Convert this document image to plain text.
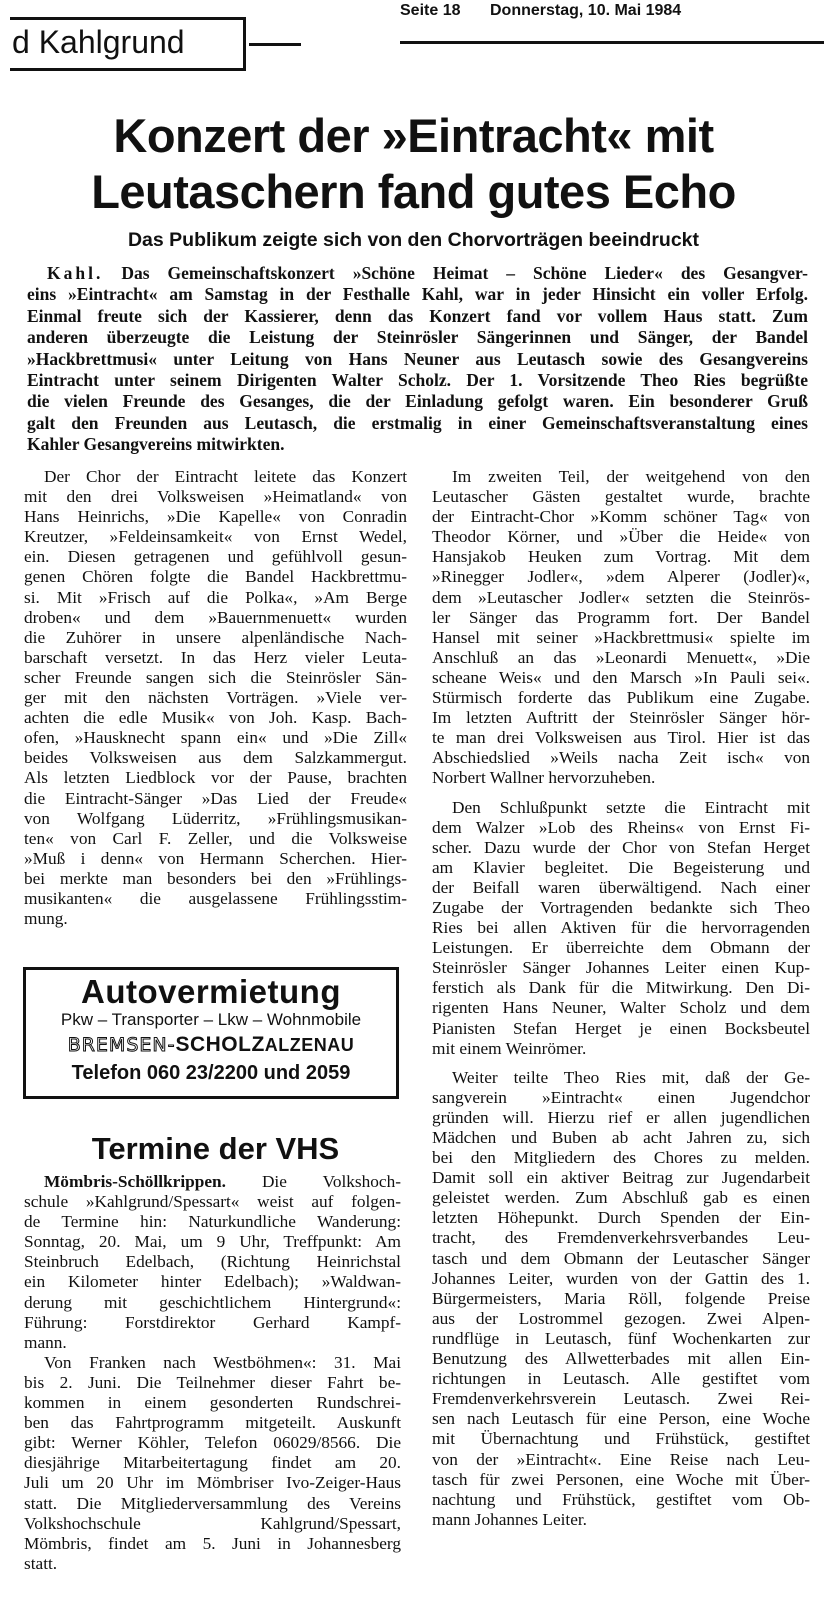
d Kahlgrund
Seite 18 Donnerstag, 10. Mai 1984
Konzert der »Eintracht« mit
Leutaschern fand gutes Echo
Das Publikum zeigte sich von den Chorvorträgen beeindruckt
Kahl. Das Gemeinschaftskonzert »Schöne Heimat – Schöne Lieder« des Gesangver-
eins »Eintracht« am Samstag in der Festhalle Kahl, war in jeder Hinsicht ein voller Erfolg.
Einmal freute sich der Kassierer, denn das Konzert fand vor vollem Haus statt. Zum
anderen überzeugte die Leistung der Steinrösler Sängerinnen und Sänger, der Bandel
»Hackbrettmusi« unter Leitung von Hans Neuner aus Leutasch sowie des Gesangvereins
Eintracht unter seinem Dirigenten Walter Scholz. Der 1. Vorsitzende Theo Ries begrüßte
die vielen Freunde des Gesanges, die der Einladung gefolgt waren. Ein besonderer Gruß
galt den Freunden aus Leutasch, die erstmalig in einer Gemeinschaftsveranstaltung eines
Kahler Gesangvereins mitwirkten.
Der Chor der Eintracht leitete das Konzert
mit den drei Volksweisen »Heimatland« von
Hans Heinrichs, »Die Kapelle« von Conradin
Kreutzer, »Feldeinsamkeit« von Ernst Wedel,
ein. Diesen getragenen und gefühlvoll gesun-
genen Chören folgte die Bandel Hackbrettmu-
si. Mit »Frisch auf die Polka«, »Am Berge
droben« und dem »Bauernmenuett« wurden
die Zuhörer in unsere alpenländische Nach-
barschaft versetzt. In das Herz vieler Leuta-
scher Freunde sangen sich die Steinrösler Sän-
ger mit den nächsten Vorträgen. »Viele ver-
achten die edle Musik« von Joh. Kasp. Bach-
ofen, »Hausknecht spann ein« und »Die Zill«
beides Volksweisen aus dem Salzkammergut.
Als letzten Liedblock vor der Pause, brachten
die Eintracht-Sänger »Das Lied der Freude«
von Wolfgang Lüderritz, »Frühlingsmusikan-
ten« von Carl F. Zeller, und die Volksweise
»Muß i denn« von Hermann Scherchen. Hier-
bei merkte man besonders bei den »Frühlings-
musikanten« die ausgelassene Frühlingsstim-
mung.
Autovermietung
Pkw – Transporter – Lkw – Wohnmobile
BREMSEN-SCHOLZALZENAU
Telefon 060 23/2200 und 2059
Termine der VHS
Mömbris-Schöllkrippen. Die Volkshoch-
schule »Kahlgrund/Spessart« weist auf folgen-
de Termine hin: Naturkundliche Wanderung:
Sonntag, 20. Mai, um 9 Uhr, Treffpunkt: Am
Steinbruch Edelbach, (Richtung Heinrichstal
ein Kilometer hinter Edelbach); »Waldwan-
derung mit geschichtlichem Hintergrund«:
Führung: Forstdirektor Gerhard Kampf-
mann.
Von Franken nach Westböhmen«: 31. Mai
bis 2. Juni. Die Teilnehmer dieser Fahrt be-
kommen in einem gesonderten Rundschrei-
ben das Fahrtprogramm mitgeteilt. Auskunft
gibt: Werner Köhler, Telefon 06029/8566. Die
diesjährige Mitarbeitertagung findet am 20.
Juli um 20 Uhr im Mömbriser Ivo-Zeiger-Haus
statt. Die Mitgliederversammlung des Vereins
Volkshochschule Kahlgrund/Spessart,
Mömbris, findet am 5. Juni in Johannesberg
statt.
Im zweiten Teil, der weitgehend von den
Leutascher Gästen gestaltet wurde, brachte
der Eintracht-Chor »Komm schöner Tag« von
Theodor Körner, und »Über die Heide« von
Hansjakob Heuken zum Vortrag. Mit dem
»Rinegger Jodler«, »dem Alperer (Jodler)«,
dem »Leutascher Jodler« setzten die Steinrös-
ler Sänger das Programm fort. Der Bandel
Hansel mit seiner »Hackbrettmusi« spielte im
Anschluß an das »Leonardi Menuett«, »Die
scheane Weis« und den Marsch »In Pauli sei«.
Stürmisch forderte das Publikum eine Zugabe.
Im letzten Auftritt der Steinrösler Sänger hör-
te man drei Volksweisen aus Tirol. Hier ist das
Abschiedslied »Weils nacha Zeit isch« von
Norbert Wallner hervorzuheben.
Den Schlußpunkt setzte die Eintracht mit
dem Walzer »Lob des Rheins« von Ernst Fi-
scher. Dazu wurde der Chor von Stefan Herget
am Klavier begleitet. Die Begeisterung und
der Beifall waren überwältigend. Nach einer
Zugabe der Vortragenden bedankte sich Theo
Ries bei allen Aktiven für die hervorragenden
Leistungen. Er überreichte dem Obmann der
Steinrösler Sänger Johannes Leiter einen Kup-
ferstich als Dank für die Mitwirkung. Den Di-
rigenten Hans Neuner, Walter Scholz und dem
Pianisten Stefan Herget je einen Bocksbeutel
mit einem Weinrömer.
Weiter teilte Theo Ries mit, daß der Ge-
sangverein »Eintracht« einen Jugendchor
gründen will. Hierzu rief er allen jugendlichen
Mädchen und Buben ab acht Jahren zu, sich
bei den Mitgliedern des Chores zu melden.
Damit soll ein aktiver Beitrag zur Jugendarbeit
geleistet werden. Zum Abschluß gab es einen
letzten Höhepunkt. Durch Spenden der Ein-
tracht, des Fremdenverkehrsverbandes Leu-
tasch und dem Obmann der Leutascher Sänger
Johannes Leiter, wurden von der Gattin des 1.
Bürgermeisters, Maria Röll, folgende Preise
aus der Lostrommel gezogen. Zwei Alpen-
rundflüge in Leutasch, fünf Wochenkarten zur
Benutzung des Allwetterbades mit allen Ein-
richtungen in Leutasch. Alle gestiftet vom
Fremdenverkehrsverein Leutasch. Zwei Rei-
sen nach Leutasch für eine Person, eine Woche
mit Übernachtung und Frühstück, gestiftet
von der »Eintracht«. Eine Reise nach Leu-
tasch für zwei Personen, eine Woche mit Über-
nachtung und Frühstück, gestiftet vom Ob-
mann Johannes Leiter.
